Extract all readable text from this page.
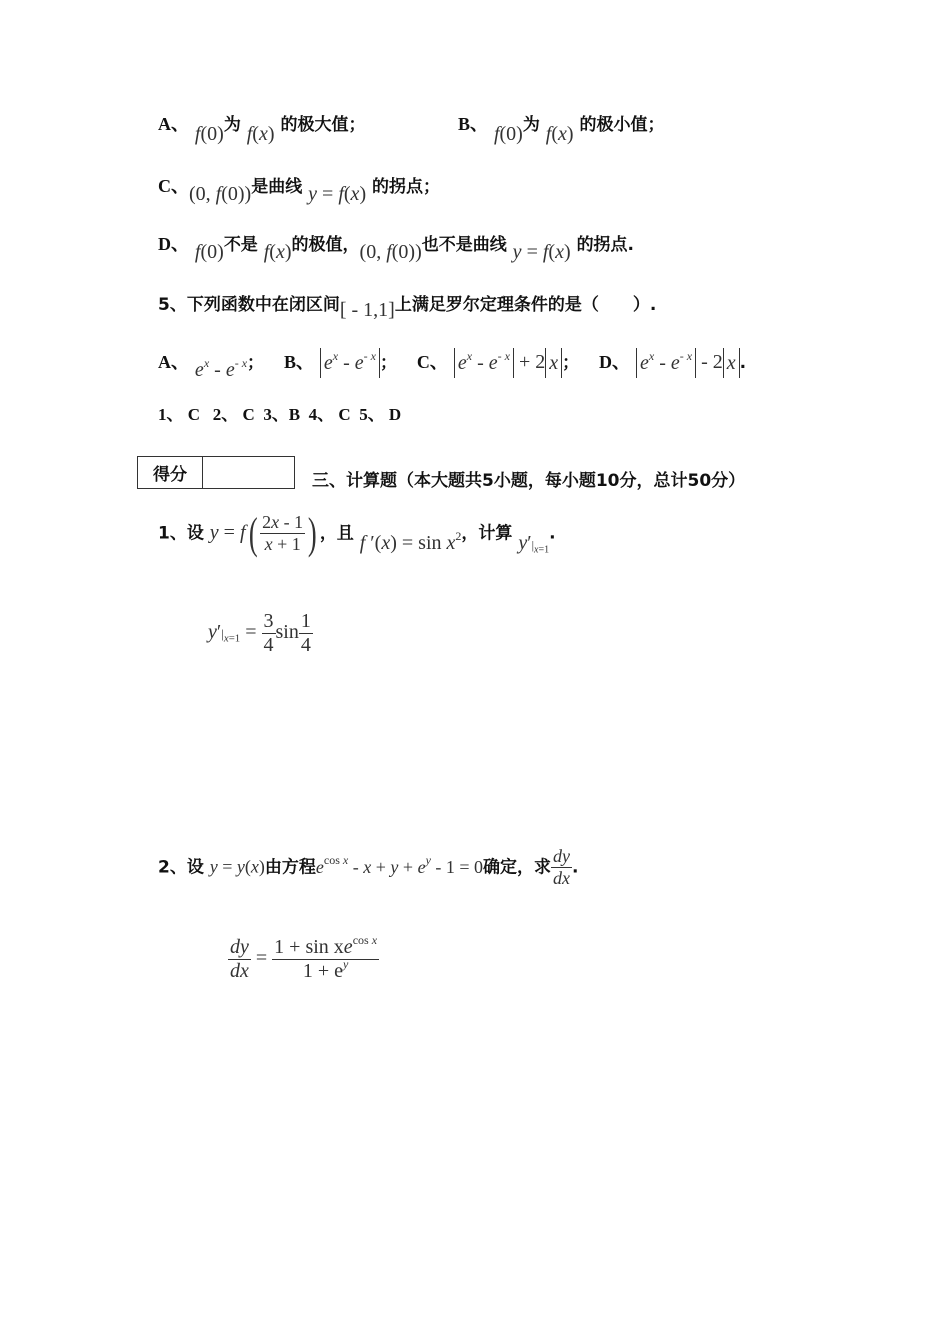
A、 f(0)为 f(x) 的极大值；	B、 f(0)为 f(x) 的极小值；
C、(0, f(0))是曲线 y = f(x) 的拐点；
D、 f(0)不是 f(x)的极值，(0, f(0))也不是曲线 y = f(x) 的拐点.
5、下列函数中在闭区间[ - 1,1]上满足罗尔定理条件的是（　　）.
A、 $e^x - e^{- x}$； B、 $e^x - e^{- x}$ ； C、 $e^x - e^{- x} + 2$ x ； D、 $e^x - e^{- x} - 2$ x .
1、 C 2、 C 3、B 4、 C 5、 D
得分		三、计算题（本大题共5小题，每小题10分，总计50分）
1、设 $y = f( \frac{2x - 1}{x + 1}$ ) ，且 f $'(x) = \sin x^2$，计算 $y'|_{x=1}$.
$y'|_{x=1} = \frac{3}{4}$ $\sin \frac{1}{4}$
2、设 y = y(x)由方程$e^{cos x} - x + y + e^y - 1 = 0$确定，求 $\frac{dy}{dx}$ .
$\frac{dy}{dx} = \frac{1 + \sin xe^{cos x}}{1 + e^y}$
